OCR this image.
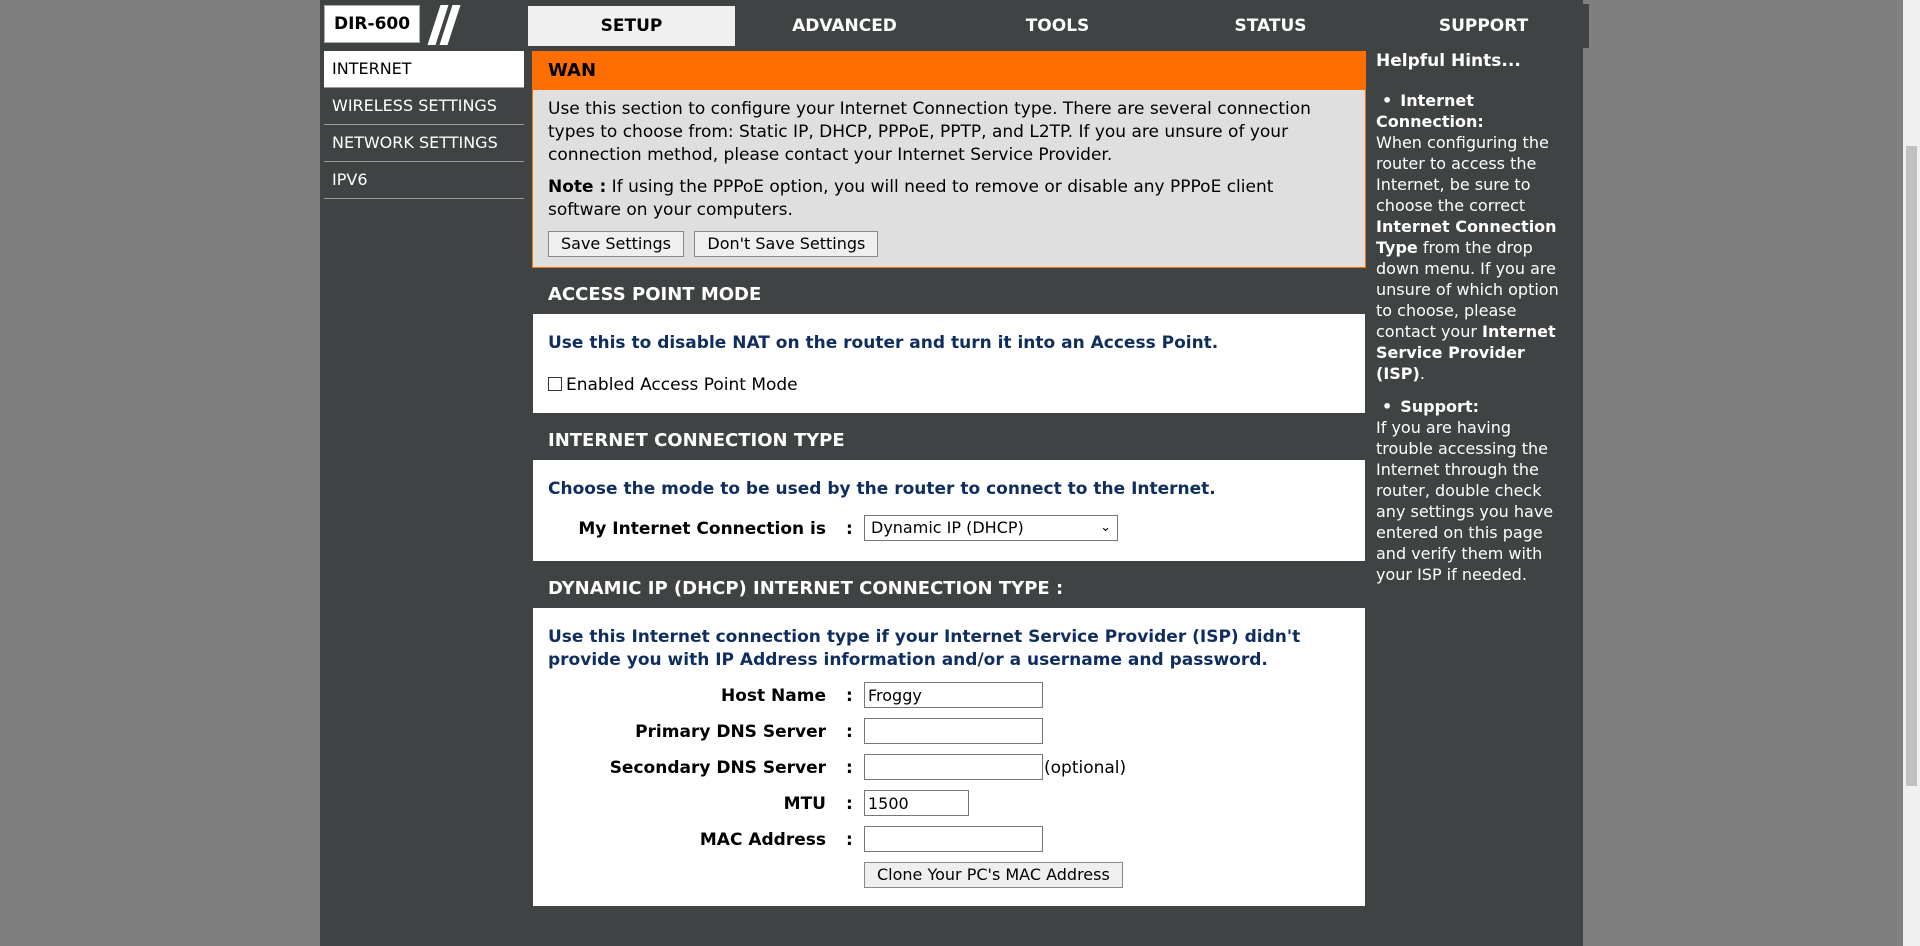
DIR-600	SETUP	ADVANCED	TOOLS	STATUS	SUPPORT
INTERNET
WIRELESS SETTINGS
NETWORK SETTINGS
IPV6
WAN

Use this section to configure your Internet Connection type. There are several connection types to choose from: Static IP, DHCP, PPPoE, PPTP, and L2TP. If you are unsure of your connection method, please contact your Internet Service Provider.

Note : If using the PPPoE option, you will need to remove or disable any PPPoE client software on your computers.

Save Settings Don't Save Settings
ACCESS POINT MODE
Use this to disable NAT on the router and turn it into an Access Point.
Enabled Access Point Mode
INTERNET CONNECTION TYPE
Choose the mode to be used by the router to connect to the Internet.
My Internet Connection is :	Dynamic IP (DHCP)	⌄
DYNAMIC IP (DHCP) INTERNET CONNECTION TYPE :
Use this Internet connection type if your Internet Service Provider (ISP) didn't provide you with IP Address information and/or a username and password.
Host Name :
Froggy
Primary DNS Server :
Secondary DNS Server :	(optional)
MTU :
1500
MAC Address :
Clone Your PC's MAC Address
Helpful Hints...
• Internet Connection:
When configuring the router to access the Internet, be sure to choose the correct Internet Connection Type from the drop down menu. If you are unsure of which option to choose, please contact your Internet Service Provider (ISP).
• Support:
If you are having trouble accessing the Internet through the router, double check any settings you have entered on this page and verify them with your ISP if needed.
